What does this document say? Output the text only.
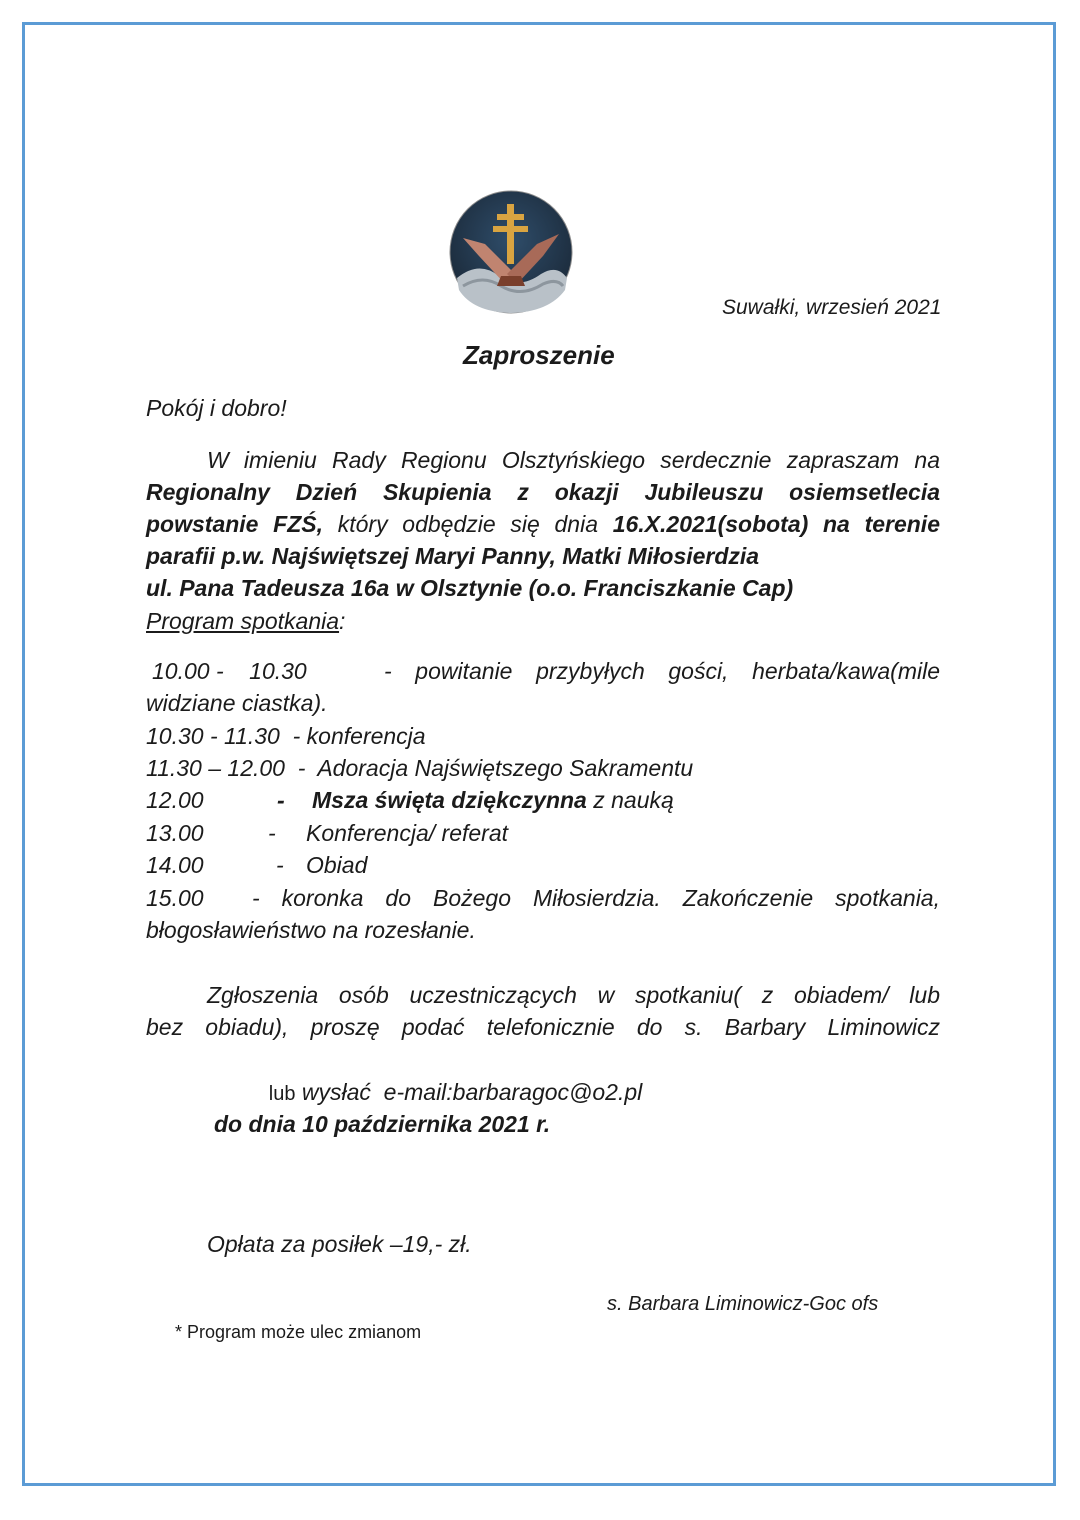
Suwałki, wrzesień 2021
Zaproszenie
Pokój i dobro!
W imieniu Rady Regionu Olsztyńskiego serdecznie zapraszam na
Regionalny Dzień Skupienia z okazji Jubileuszu osiemsetlecia
powstanie FZŚ, który odbędzie się dnia 16.X.2021(sobota) na terenie
parafii p.w. Najświętszej Maryi Panny, Matki Miłosierdzia
ul. Pana Tadeusza 16a w Olsztynie (o.o. Franciszkanie Cap)
Program spotkania:
10.00 -    10.30	- powitanie przybyłych gości, herbata/kawa(mile
widziane ciastka).
10.30 - 11.30  - konferencja
11.30 – 12.00  -  Adoracja Najświętszego Sakramentu
12.00	- Msza święta dziękczynna z nauką
13.00	- Konferencja/ referat
14.00	- Obiad
15.00 - koronka do Bożego Miłosierdzia. Zakończenie spotkania,
błogosławieństwo na rozesłanie.
Zgłoszenia osób uczestniczących w spotkaniu( z obiadem/ lub
bez obiadu), proszę podać telefonicznie do s. Barbary Liminowicz

lub wysłać  e-mail:barbaragoc@o2.pl

do dnia 10 października 2021 r.
Opłata za posiłek –19,- zł.
s. Barbara Liminowicz-Goc ofs
* Program może ulec zmianom
